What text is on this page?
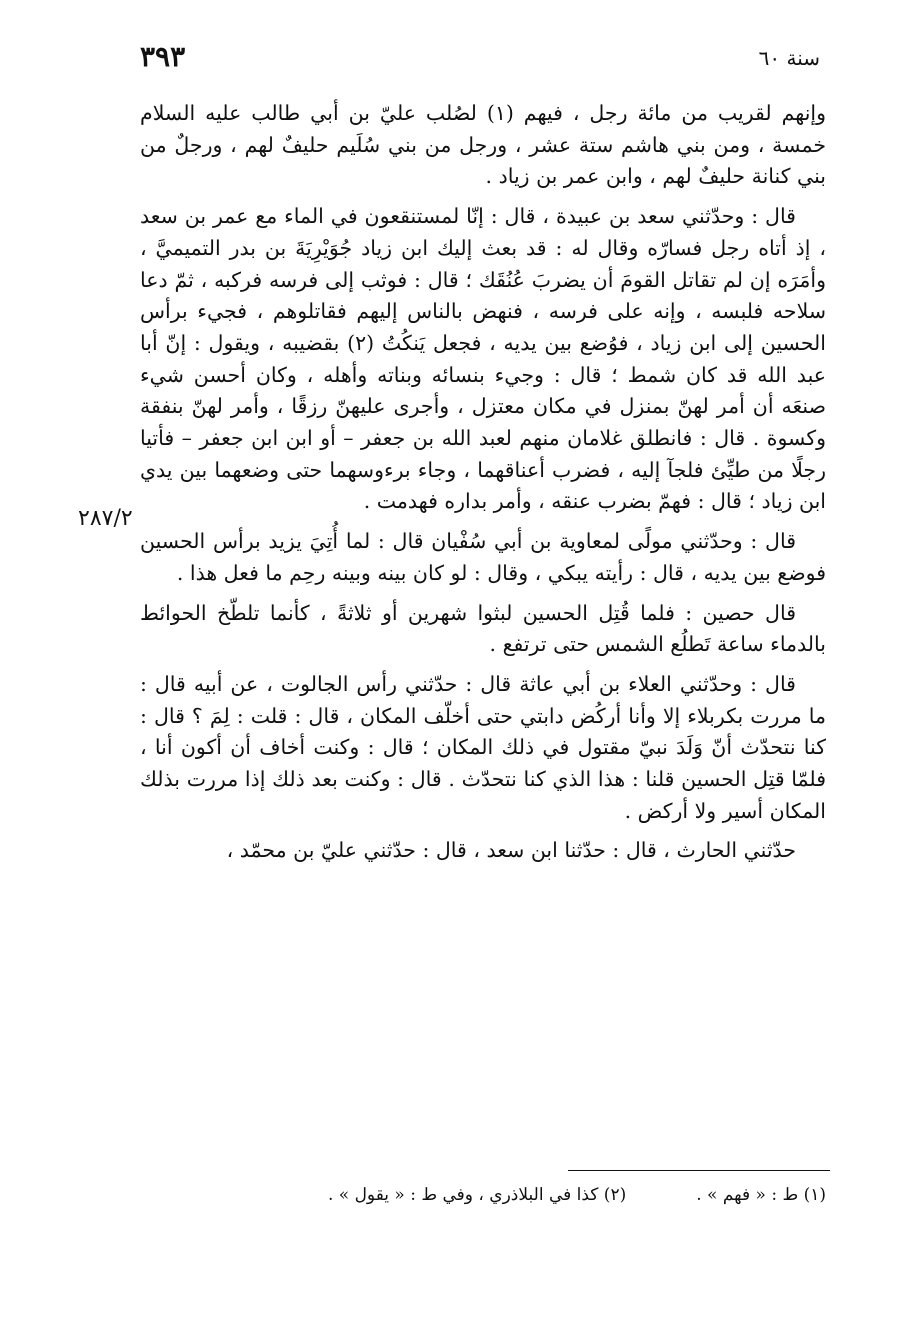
سنة ٦٠
٣٩٣
٢٨٧/٢

وإنهم لقريب من مائة رجل ، فيهم (١) لصُلب عليّ بن أبي طالب عليه السلام خمسة ، ومن بني هاشم ستة عشر ، ورجل من بني سُلَيم حليفٌ لهم ، ورجلٌ من بني كنانة حليفٌ لهم ، وابن عمر بن زياد .

قال : وحدّثني سعد بن عبيدة ، قال : إنّا لمستنقعون في الماء مع عمر بن سعد ، إذ أتاه رجل فسارّه وقال له : قد بعث إليك ابن زياد جُوَيْرِيَةَ بن بدر التميميَّ ، وأمَرَه إن لم تقاتل القومَ أن يضربَ عُنُقَك ؛ قال : فوثب إلى فرسه فركبه ، ثمّ دعا سلاحه فلبسه ، وإنه على فرسه ، فنهض بالناس إليهم فقاتلوهم ، فجيء برأس الحسين إلى ابن زياد ، فوُضع بين يديه ، فجعل يَنكُتُ (٢) بقضيبه ، ويقول : إنّ أبا عبد الله قد كان شمط ؛ قال : وجيء بنسائه وبناته وأهله ، وكان أحسن شيء صنعَه أن أمر لهنّ بمنزل في مكان معتزل ، وأجرى عليهنّ رزقًا ، وأمر لهنّ بنفقة وكسوة . قال : فانطلق غلامان منهم لعبد الله بن جعفر – أو ابن ابن جعفر – فأتيا رجلًا من طيِّئ فلجآ إليه ، فضرب أعناقهما ، وجاء برءوسهما حتى وضعهما بين يدي ابن زياد ؛ قال : فهمّ بضرب عنقه ، وأمر بداره فهدمت .

قال : وحدّثني مولًى لمعاوية بن أبي سُفْيان قال : لما أُتِيَ يزيد برأس الحسين فوضع بين يديه ، قال : رأيته يبكي ، وقال : لو كان بينه وبينه رحِم ما فعل هذا .

قال حصين : فلما قُتِل الحسين لبثوا شهرين أو ثلاثةً ، كأنما تلطّخ الحوائط بالدماء ساعة تَطلُع الشمس حتى ترتفع .

قال : وحدّثني العلاء بن أبي عاثة قال : حدّثني رأس الجالوت ، عن أبيه قال : ما مررت بكربلاء إلا وأنا أركُض دابتي حتى أخلّف المكان ، قال : قلت : لِمَ ؟ قال : كنا نتحدّث أنّ وَلَدَ نبيّ مقتول في ذلك المكان ؛ قال : وكنت أخاف أن أكون أنا ، فلمّا قتِل الحسين قلنا : هذا الذي كنا نتحدّث . قال : وكنت بعد ذلك إذا مررت بذلك المكان أسير ولا أركض .

حدّثني الحارث ، قال : حدّثنا ابن سعد ، قال : حدّثني عليّ بن محمّد ،

(١) ط : « فهم » .
(٢) كذا في البلاذري ، وفي ط : « يقول » .
